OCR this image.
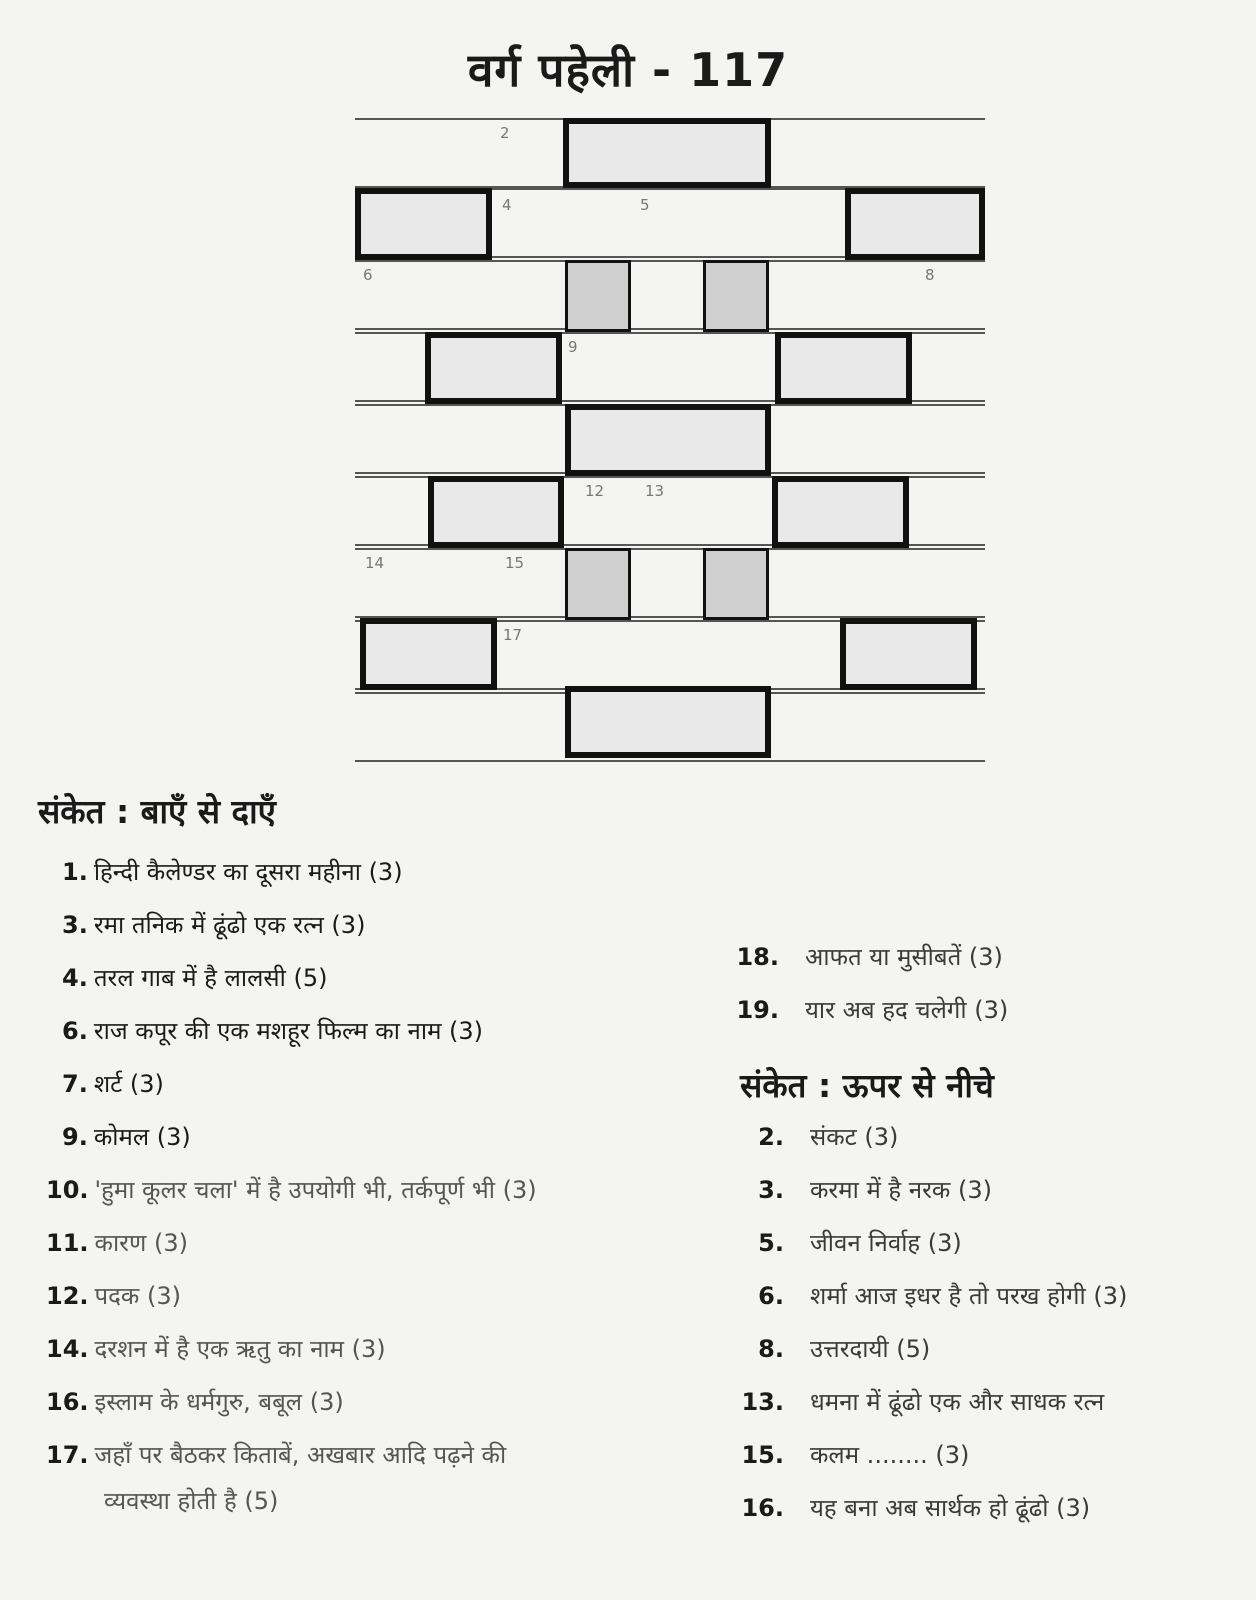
वर्ग पहेली - 117
2
4	5
6	8
9
12	13
14	15
17
संकेत : बाएँ से दाएँ
1. हिन्दी कैलेण्डर का दूसरा महीना (3)
3. रमा तनिक में ढूंढो एक रत्न (3)
4. तरल गाब में है लालसी (5)
6. राज कपूर की एक मशहूर फिल्म का नाम (3)
7. शर्ट (3)
9. कोमल (3)
10. 'हुमा कूलर चला' में है उपयोगी भी, तर्कपूर्ण भी (3)
11. कारण (3)
12. पदक (3)
14. दरशन में है एक ऋतु का नाम (3)
16. इस्लाम के धर्मगुरु, बबूल (3)
17. जहाँ पर बैठकर किताबें, अखबार आदि पढ़ने की
व्यवस्था होती है (5)
18. आफत या मुसीबतें (3)
19. यार अब हद चलेगी (3)
संकेत : ऊपर से नीचे
2. संकट (3)
3. करमा में है नरक (3)
5. जीवन निर्वाह (3)
6. शर्मा आज इधर है तो परख होगी (3)
8. उत्तरदायी (5)
13. धमना में ढूंढो एक और साधक रत्न
15. कलम ........ (3)
16. यह बना अब सार्थक हो ढूंढो (3)
